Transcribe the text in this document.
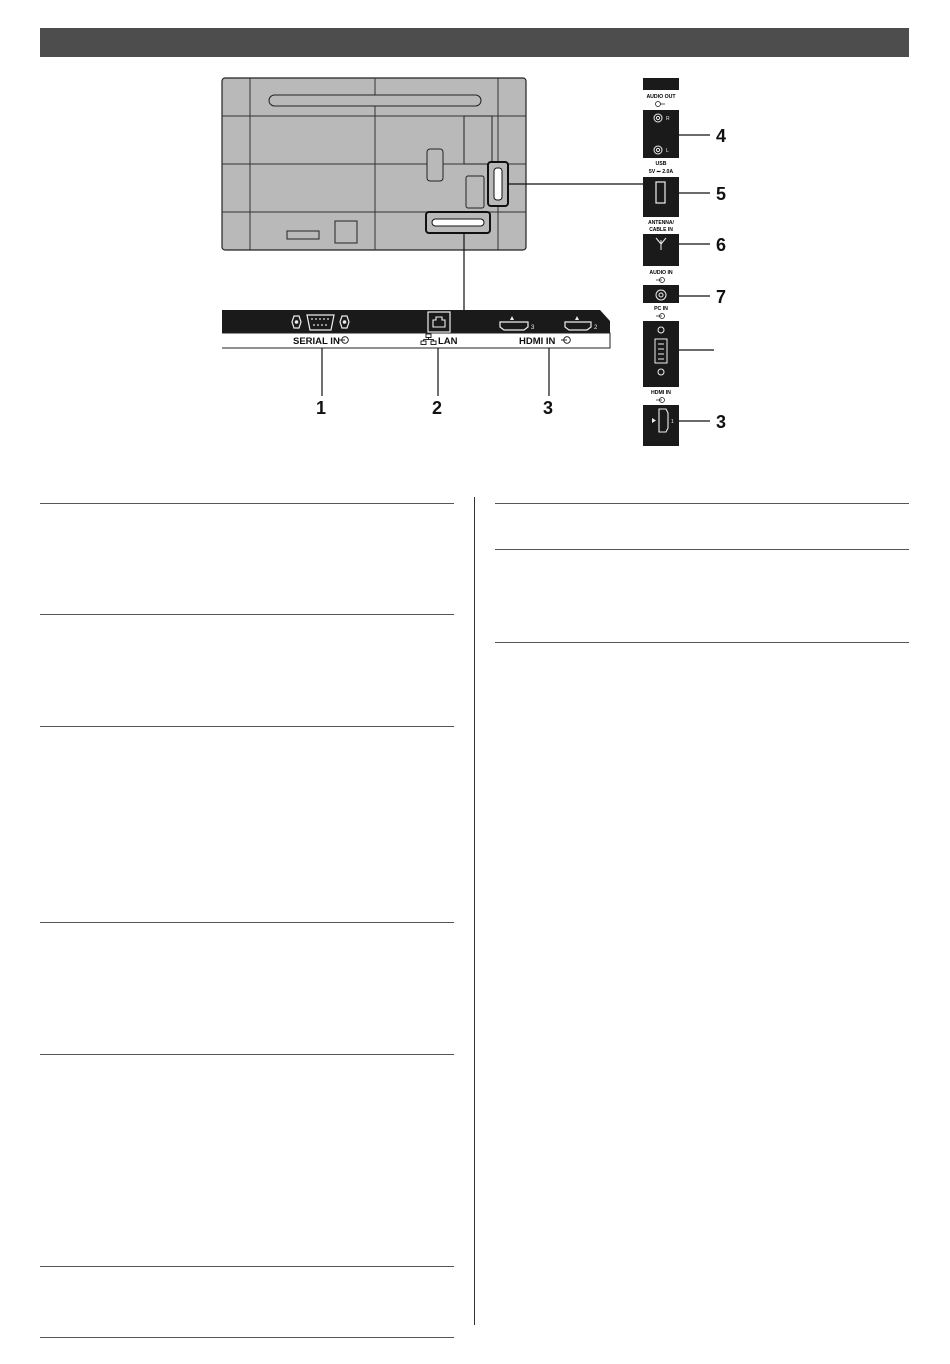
3	2
SERIAL IN	LAN	HDMI IN
1	2	3
AUDIO OUT
R
L
USB
5V ⎓ 2.0A
ANTENNA/
CABLE IN
AUDIO IN
PC IN
HDMI IN
1
4
5
6
7
3
